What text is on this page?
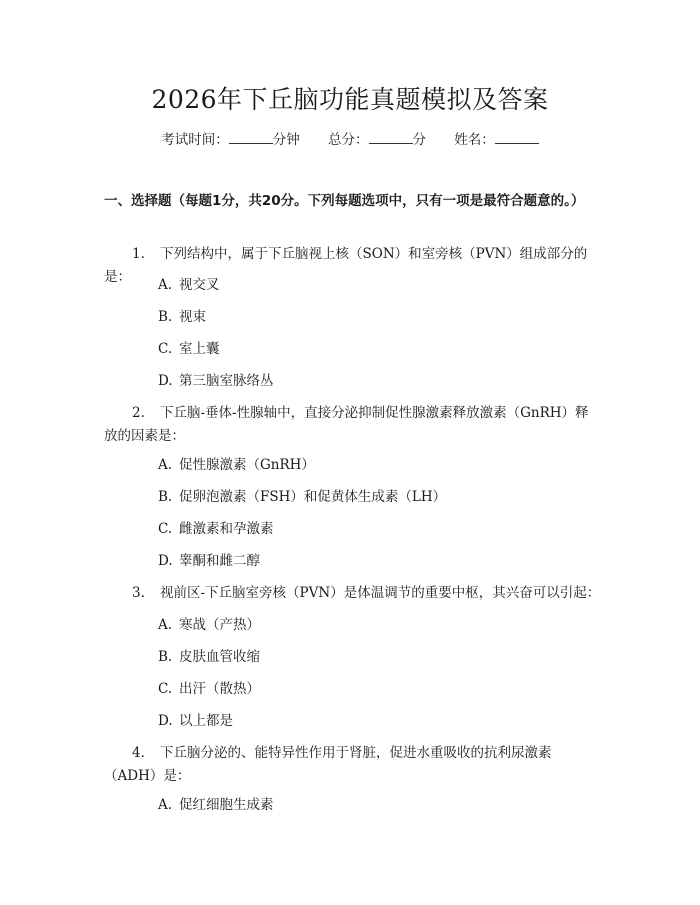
2026年下丘脑功能真题模拟及答案
考试时间：	分钟 总分：	分 姓名：
一、选择题（每题1分，共20分。下列每题选项中，只有一项是最符合题意的。）
1. 下列结构中，属于下丘脑视上核（SON）和室旁核（PVN）组成部分的是：	A. 视交叉
B. 视束
C. 室上囊
D. 第三脑室脉络丛
2. 下丘脑-垂体-性腺轴中，直接分泌抑制促性腺激素释放激素（GnRH）释放的因素是：
A. 促性腺激素（GnRH）
B. 促卵泡激素（FSH）和促黄体生成素（LH）
C. 雌激素和孕激素
D. 睾酮和雌二醇
3. 视前区-下丘脑室旁核（PVN）是体温调节的重要中枢，其兴奋可以引起：
A. 寒战（产热）
B. 皮肤血管收缩
C. 出汗（散热）
D. 以上都是
4. 下丘脑分泌的、能特异性作用于肾脏，促进水重吸收的抗利尿激素（ADH）是：
A. 促红细胞生成素
